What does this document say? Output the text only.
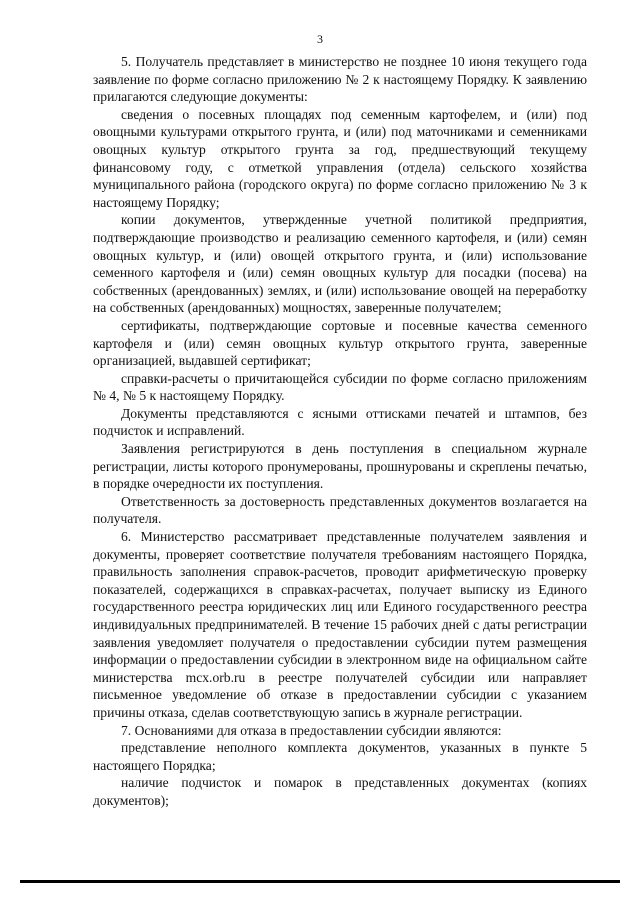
3

5. Получатель представляет в министерство не позднее 10 июня текущего года заявление по форме согласно приложению № 2 к настоящему Порядку. К заявлению прилагаются следующие документы:

сведения о посевных площадях под семенным картофелем, и (или) под овощными культурами открытого грунта, и (или) под маточниками и семенниками овощных культур открытого грунта за год, предшествующий текущему финансовому году, с отметкой управления (отдела) сельского хозяйства муниципального района (городского округа) по форме согласно приложению № 3 к настоящему Порядку;

копии документов, утвержденные учетной политикой предприятия, подтверждающие производство и реализацию семенного картофеля, и (или) семян овощных культур, и (или) овощей открытого грунта, и (или) использование семенного картофеля и (или) семян овощных культур для посадки (посева) на собственных (арендованных) землях, и (или) использование овощей на переработку на собственных (арендованных) мощностях, заверенные получателем;

сертификаты, подтверждающие сортовые и посевные качества семенного картофеля и (или) семян овощных культур открытого грунта, заверенные организацией, выдавшей сертификат;

справки-расчеты о причитающейся субсидии по форме согласно приложениям № 4, № 5 к настоящему Порядку.

Документы представляются с ясными оттисками печатей и штампов, без подчисток и исправлений.

Заявления регистрируются в день поступления в специальном журнале регистрации, листы которого пронумерованы, прошнурованы и скреплены печатью, в порядке очередности их поступления.

Ответственность за достоверность представленных документов возлагается на получателя.

6. Министерство рассматривает представленные получателем заявления и документы, проверяет соответствие получателя требованиям настоящего Порядка, правильность заполнения справок-расчетов, проводит арифметическую проверку показателей, содержащихся в справках-расчетах, получает выписку из Единого государственного реестра юридических лиц или Единого государственного реестра индивидуальных предпринимателей. В течение 15 рабочих дней с даты регистрации заявления уведомляет получателя о предоставлении субсидии путем размещения информации о предоставлении субсидии в электронном виде на официальном сайте министерства mcx.orb.ru в реестре получателей субсидии или направляет письменное уведомление об отказе в предоставлении субсидии с указанием причины отказа, сделав соответствующую запись в журнале регистрации.

7. Основаниями для отказа в предоставлении субсидии являются:

представление неполного комплекта документов, указанных в пункте 5 настоящего Порядка;

наличие подчисток и помарок в представленных документах (копиях документов);
